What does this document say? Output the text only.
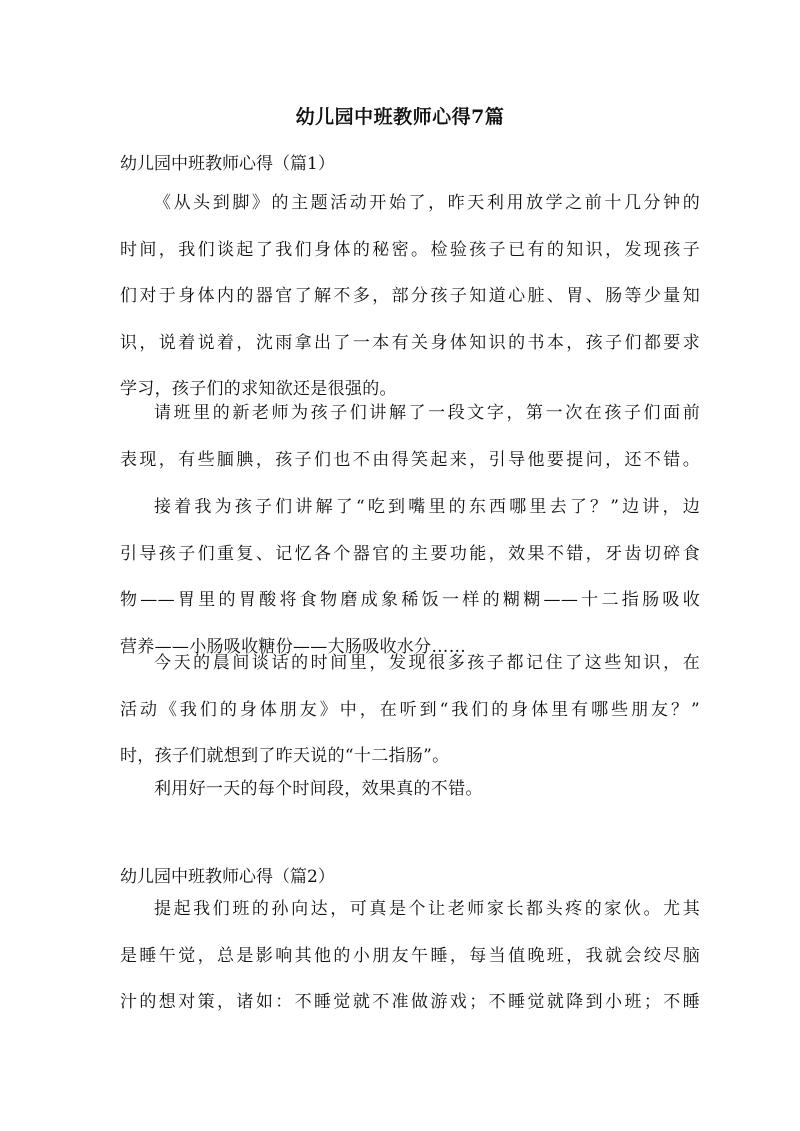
幼儿园中班教师心得7篇
幼儿园中班教师心得（篇1）
《从头到脚》的主题活动开始了，昨天利用放学之前十几分钟的
时间，我们谈起了我们身体的秘密。检验孩子已有的知识，发现孩子
们对于身体内的器官了解不多，部分孩子知道心脏、胃、肠等少量知
识，说着说着，沈雨拿出了一本有关身体知识的书本，孩子们都要求
学习，孩子们的求知欲还是很强的。
请班里的新老师为孩子们讲解了一段文字，第一次在孩子们面前
表现，有些腼腆，孩子们也不由得笑起来，引导他要提问，还不错。
接着我为孩子们讲解了“吃到嘴里的东西哪里去了？”边讲，边
引导孩子们重复、记忆各个器官的主要功能，效果不错，牙齿切碎食
物——胃里的胃酸将食物磨成象稀饭一样的糊糊——十二指肠吸收
营养——小肠吸收糖份——大肠吸收水分……
今天的晨间谈话的时间里，发现很多孩子都记住了这些知识，在
活动《我们的身体朋友》中，在听到“我们的身体里有哪些朋友？”
时，孩子们就想到了昨天说的“十二指肠”。
利用好一天的每个时间段，效果真的不错。
幼儿园中班教师心得（篇2）
提起我们班的孙向达，可真是个让老师家长都头疼的家伙。尤其
是睡午觉，总是影响其他的小朋友午睡，每当值晚班，我就会绞尽脑
汁的想对策，诸如：不睡觉就不准做游戏；不睡觉就降到小班；不睡
